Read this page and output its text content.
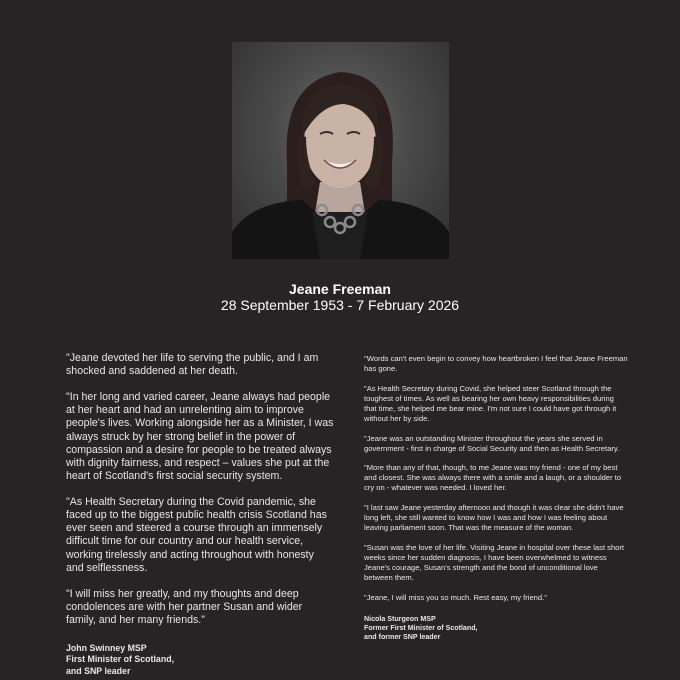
Jeane Freeman
28 September 1953 - 7 February 2026

"Jeane devoted her life to serving the public, and I am shocked and saddened at her death.

"In her long and varied career, Jeane always had people at her heart and had an unrelenting aim to improve people's lives. Working alongside her as a Minister, I was always struck by her strong belief in the power of compassion and a desire for people to be treated always with dignity fairness, and respect – values she put at the heart of Scotland's first social security system.

"As Health Secretary during the Covid pandemic, she faced up to the biggest public health crisis Scotland has ever seen and steered a course through an immensely difficult time for our country and our health service, working tirelessly and acting throughout with honesty and selflessness.

"I will miss her greatly, and my thoughts and deep condolences are with her partner Susan and wider family, and her many friends."

John Swinney MSP
First Minister of Scotland,
and SNP leader

"Words can't even begin to convey how heartbroken I feel that Jeane Freeman has gone.

"As Health Secretary during Covid, she helped steer Scotland through the toughest of times. As well as bearing her own heavy responsibilities during that time, she helped me bear mine. I'm not sure I could have got through it without her by side.

"Jeane was an outstanding Minister throughout the years she served in government - first in charge of Social Security and then as Health Secretary.

"More than any of that, though, to me Jeane was my friend - one of my best and closest. She was always there with a smile and a laugh, or a shoulder to cry on - whatever was needed. I loved her.

"I last saw Jeane yesterday afternoon and though it was clear she didn't have long left, she still wanted to know how I was and how I was feeling about leaving parliament soon. That was the measure of the woman.

"Susan was the love of her life. Visiting Jeane in hospital over these last short weeks since her sudden diagnosis, I have been overwhelmed to witness Jeane's courage, Susan's strength and the bond of unconditional love between them.

"Jeane, I will miss you so much. Rest easy, my friend."

Nicola Sturgeon MSP
Former First Minister of Scotland,
and former SNP leader
